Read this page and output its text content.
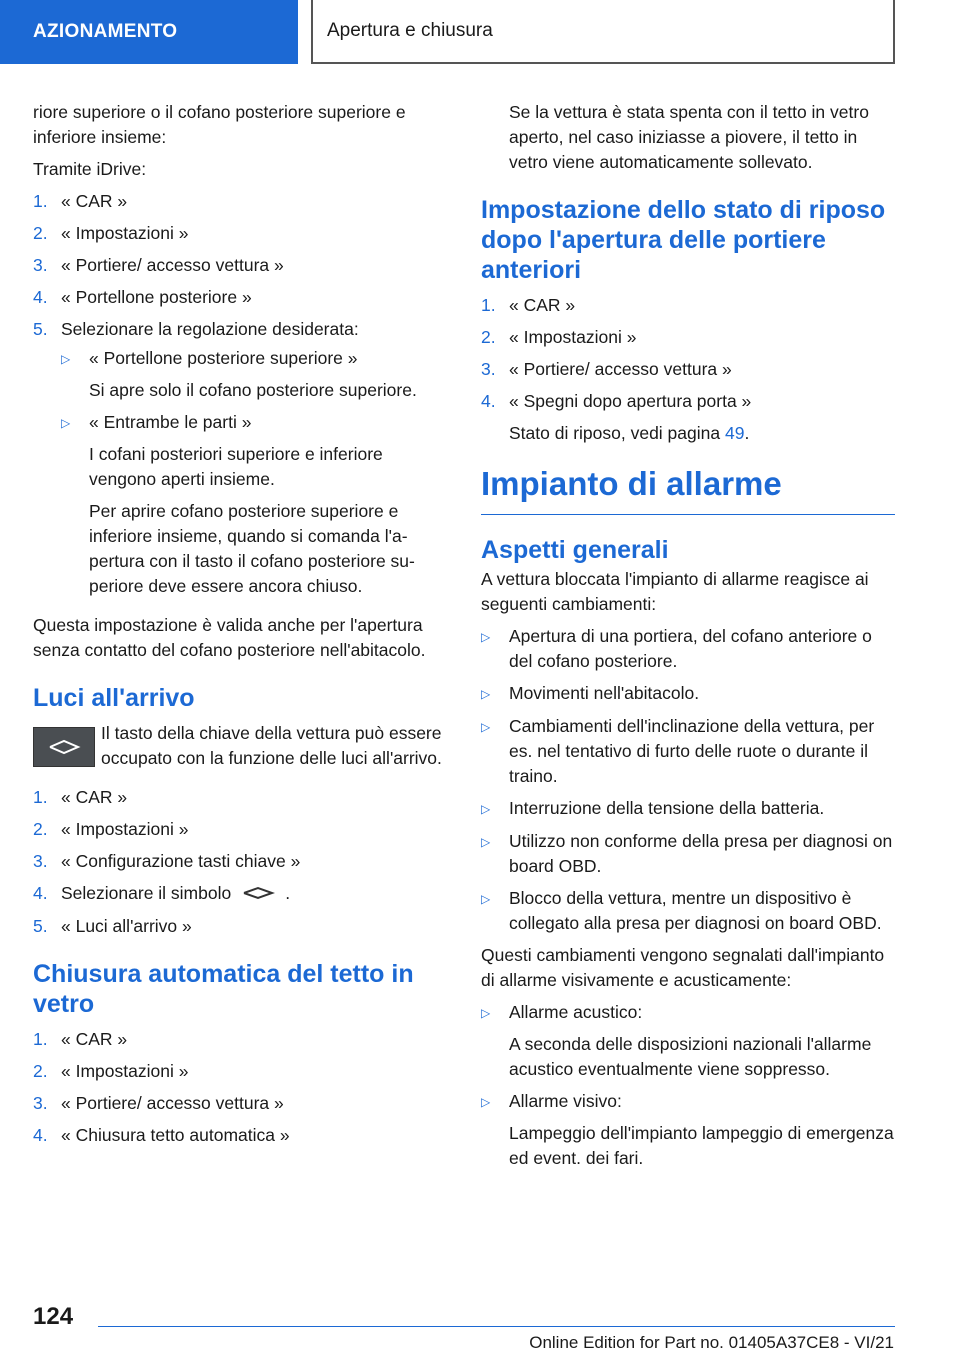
AZIONAMENTO	Apertura e chiusura

riore superiore o il cofano posteriore superiore e inferiore insieme:

Tramite iDrive:

1. « CAR »
2. « Impostazioni »
3. « Portiere/ accesso vettura »
4. « Portellone posteriore »
5. Selezionare la regolazione desiderata:
▷	« Portellone posteriore superiore »
Si apre solo il cofano posteriore superiore.
▷	« Entrambe le parti »
I cofani posteriori superiore e inferiore vengono aperti insieme.
Per aprire cofano posteriore superiore e inferiore insieme, quando si comanda l'apertura con il tasto il cofano posteriore superiore deve essere ancora chiuso.

Questa impostazione è valida anche per l'apertura senza contatto del cofano posteriore nell'abitacolo.

Luci all'arrivo

Il tasto della chiave della vettura può essere occupato con la funzione delle luci all'arrivo.

1. « CAR »
2. « Impostazioni »
3. « Configurazione tasti chiave »
4. Selezionare il simbolo	.
5. « Luci all'arrivo »
Chiusura automatica del tetto in vetro
1. « CAR »
2. « Impostazioni »
3. « Portiere/ accesso vettura »
4. « Chiusura tetto automatica »

Se la vettura è stata spenta con il tetto in vetro aperto, nel caso iniziasse a piovere, il tetto in vetro viene automaticamente sollevato.

Impostazione dello stato di riposo dopo l'apertura delle portiere anteriori
1. « CAR »
2. « Impostazioni »
3. « Portiere/ accesso vettura »
4. « Spegni dopo apertura porta »
Stato di riposo, vedi pagina 49.
Impianto di allarme
Aspetti generali

A vettura bloccata l'impianto di allarme reagisce ai seguenti cambiamenti:

▷	Apertura di una portiera, del cofano anteriore o del cofano posteriore.
▷	Movimenti nell'abitacolo.
▷	Cambiamenti dell'inclinazione della vettura, per es. nel tentativo di furto delle ruote o durante il traino.
▷	Interruzione della tensione della batteria.
▷	Utilizzo non conforme della presa per diagnosi on board OBD.
▷	Blocco della vettura, mentre un dispositivo è collegato alla presa per diagnosi on board OBD.

Questi cambiamenti vengono segnalati dall'impianto di allarme visivamente e acusticamente:

▷	Allarme acustico:
A seconda delle disposizioni nazionali l'allarme acustico eventualmente viene soppresso.
▷	Allarme visivo:
Lampeggio dell'impianto lampeggio di emergenza ed event. dei fari.
124
Online Edition for Part no. 01405A37CE8 - VI/21
